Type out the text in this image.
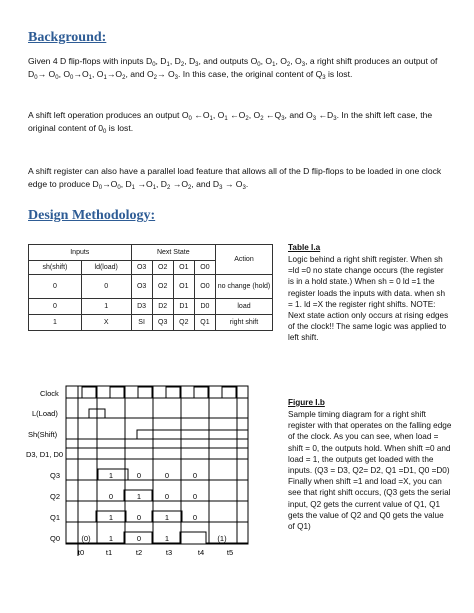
Background:

Given 4 D flip-flops with inputs $D_0$, $D_1$, $D_2$, $D_3$, and outputs $O_0$, $O_1$, $O_2$, $O_3$, a right shift produces an output of $D_0\to O_0$, $O_0\to O_1$, $O_1\to O_2$, and $O_2\to O_3$. In this case, the original content of $Q_3$ is lost.

A shift left operation produces an output $O_0$ $\leftarrow O_1$, $O_1$ $\leftarrow O_2$, $O_2$ $\leftarrow Q_3$, and $O_3$ $\leftarrow D_3$. In the shift left case, the original content of $0_0$ is lost.

A shift register can also have a parallel load feature that allows all of the D flip-flops to be loaded in one clock edge to produce $D_0\to O_0$, $D_1 \to O_1$, $D_2 \to O_2$, and $D_3 \to O_3$.

Design Methodology:
Inputs		Next State				Action
sh(shift)	ld(load)	O3	O2	O1	O0	
0	0	O3	O2	O1	O0	no change (hold)
0	1	D3	D2	D1	D0	load
1	X	SI	Q3	Q2	Q1	right shift

Table I.a

Logic behind a right shift register. When sh =ld =0 no state change occurs (the register is in a hold state.) When sh = 0 ld =1 the register loads the inputs with data. when sh = 1. ld =X the register right shifts. NOTE: Next state action only occurs at rising edges of the clock!! The same logic was applied to left shift.

Figure I.b

Sample timing diagram for a right shift register with that operates on the falling edge of the clock. As you can see, when load = shift = 0, the outputs hold. When shift =0 and load = 1, the outputs get loaded with the inputs. (Q3 = D3, Q2= D2, Q1 =D1, Q0 =D0) Finally when shift =1 and load =X, you can see that right shift occurs, (Q3 gets the serial input, Q2 gets the current value of Q1, Q1 gets the value of Q2 and Q0 gets the value of Q1)

Clock
L(Load)
Sh(Shift)
D3, D1, D0
Q3
Q2
Q1
Q0
1	0	0	0
0	1	0	0
1	0	1	0
(0) 1	0	1	(1)
t0	t1	t2	t3	t4	t5
